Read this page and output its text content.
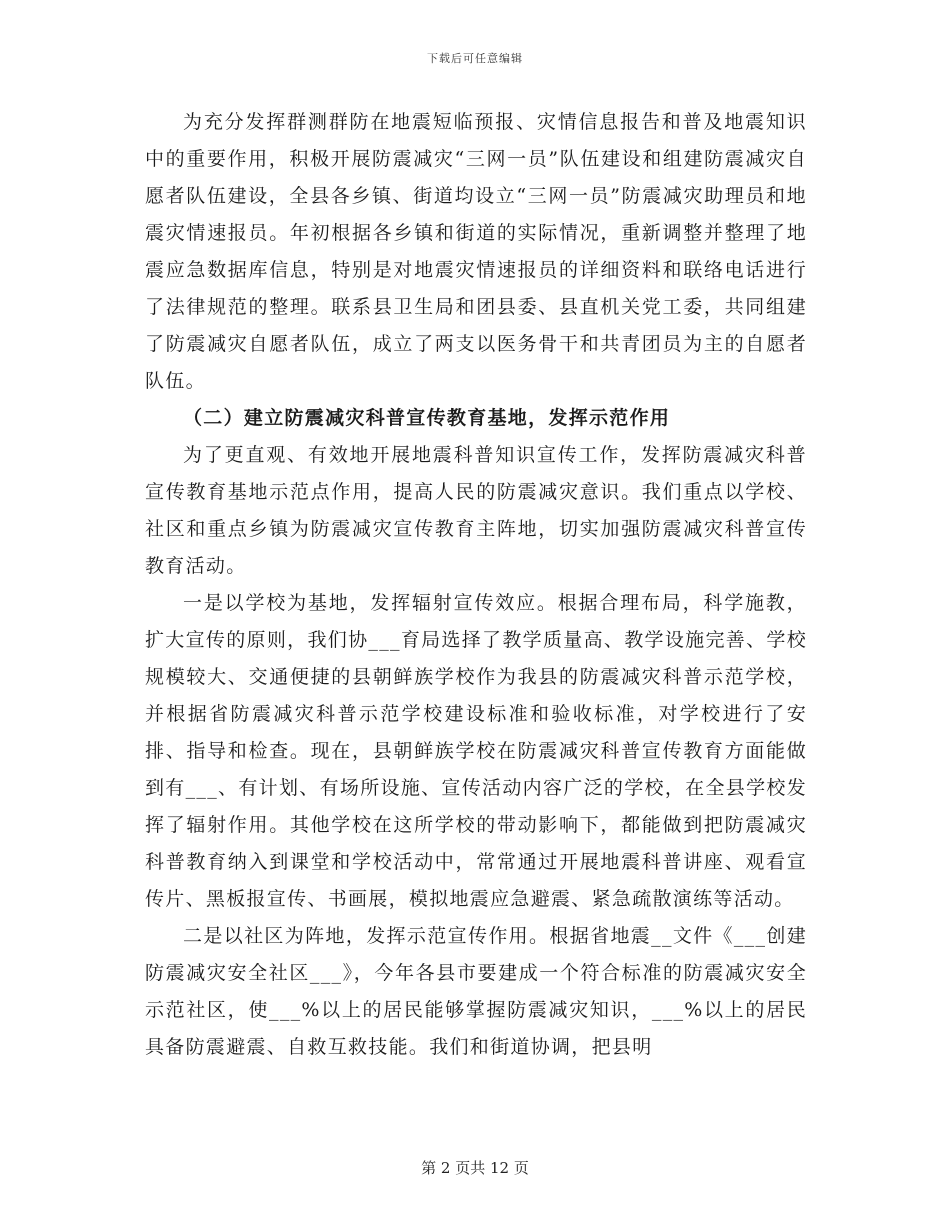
下载后可任意编辑

为充分发挥群测群防在地震短临预报、灾情信息报告和普及地震知识中的重要作用，积极开展防震减灾“三网一员”队伍建设和组建防震减灾自愿者队伍建设，全县各乡镇、街道均设立“三网一员”防震减灾助理员和地震灾情速报员。年初根据各乡镇和街道的实际情况，重新调整并整理了地震应急数据库信息，特别是对地震灾情速报员的详细资料和联络电话进行了法律规范的整理。联系县卫生局和团县委、县直机关党工委，共同组建了防震减灾自愿者队伍，成立了两支以医务骨干和共青团员为主的自愿者队伍。

（二）建立防震减灾科普宣传教育基地，发挥示范作用

为了更直观、有效地开展地震科普知识宣传工作，发挥防震减灾科普宣传教育基地示范点作用，提高人民的防震减灾意识。我们重点以学校、社区和重点乡镇为防震减灾宣传教育主阵地，切实加强防震减灾科普宣传教育活动。

一是以学校为基地，发挥辐射宣传效应。根据合理布局，科学施教，扩大宣传的原则，我们协___育局选择了教学质量高、教学设施完善、学校规模较大、交通便捷的县朝鲜族学校作为我县的防震减灾科普示范学校，并根据省防震减灾科普示范学校建设标准和验收标准，对学校进行了安排、指导和检查。现在，县朝鲜族学校在防震减灾科普宣传教育方面能做到有___、有计划、有场所设施、宣传活动内容广泛的学校，在全县学校发挥了辐射作用。其他学校在这所学校的带动影响下，都能做到把防震减灾科普教育纳入到课堂和学校活动中，常常通过开展地震科普讲座、观看宣传片、黑板报宣传、书画展，模拟地震应急避震、紧急疏散演练等活动。

二是以社区为阵地，发挥示范宣传作用。根据省地震__文件《___创建防震减灾安全社区___》，今年各县市要建成一个符合标准的防震减灾安全示范社区，使___%以上的居民能够掌握防震减灾知识，___%以上的居民具备防震避震、自救互救技能。我们和街道协调，把县明

第 2 页共 12 页
